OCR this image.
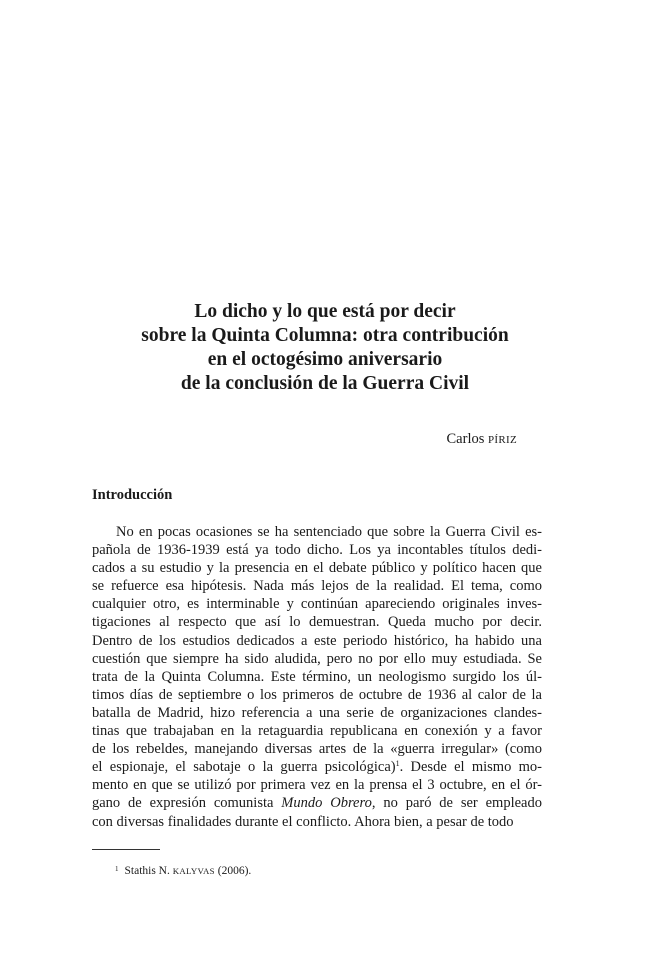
Lo dicho y lo que está por decir
sobre la Quinta Columna: otra contribución
en el octogésimo aniversario
de la conclusión de la Guerra Civil
Carlos PÍRIZ
Introducción
No en pocas ocasiones se ha sentenciado que sobre la Guerra Civil es-
pañola de 1936-1939 está ya todo dicho. Los ya incontables títulos dedi-
cados a su estudio y la presencia en el debate público y político hacen que
se refuerce esa hipótesis. Nada más lejos de la realidad. El tema, como
cualquier otro, es interminable y continúan apareciendo originales inves-
tigaciones al respecto que así lo demuestran. Queda mucho por decir.
Dentro de los estudios dedicados a este periodo histórico, ha habido una
cuestión que siempre ha sido aludida, pero no por ello muy estudiada. Se
trata de la Quinta Columna. Este término, un neologismo surgido los úl-
timos días de septiembre o los primeros de octubre de 1936 al calor de la
batalla de Madrid, hizo referencia a una serie de organizaciones clandes-
tinas que trabajaban en la retaguardia republicana en conexión y a favor
de los rebeldes, manejando diversas artes de la «guerra irregular» (como
el espionaje, el sabotaje o la guerra psicológica)$^1$. Desde el mismo mo-
mento en que se utilizó por primera vez en la prensa el 3 octubre, en el ór-
gano de expresión comunista Mundo Obrero, no paró de ser empleado
con diversas finalidades durante el conflicto. Ahora bien, a pesar de todo
$^1$ Stathis N. KALYVAS (2006).
